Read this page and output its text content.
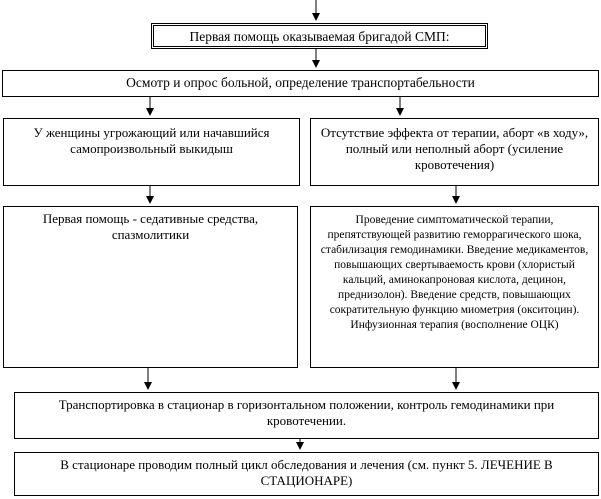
Первая помощь оказываемая бригадой СМП:
Осмотр и опрос больной, определение транспортабельности
У женщины угрожающий или начавшийся самопроизвольный выкидыш
Отсутствие эффекта от терапии, аборт «в ходу», полный или неполный аборт (усиление кровотечения)
Первая помощь - седативные средства, спазмолитики
Проведение симптоматической терапии, препятствующей развитию геморрагического шока, стабилизация гемодинамики. Введение медикаментов, повышающих свертываемость крови (хлористый кальций, аминокапроновая кислота, децинон, преднизолон). Введение средств, повышающих сократительную функцию миометрия (окситоцин). Инфузионная терапия (восполнение ОЦК)
Транспортировка в стационар в горизонтальном положении, контроль гемодинамики при кровотечении.
В стационаре проводим полный цикл обследования и лечения (см. пункт 5. ЛЕЧЕНИЕ В СТАЦИОНАРЕ)
